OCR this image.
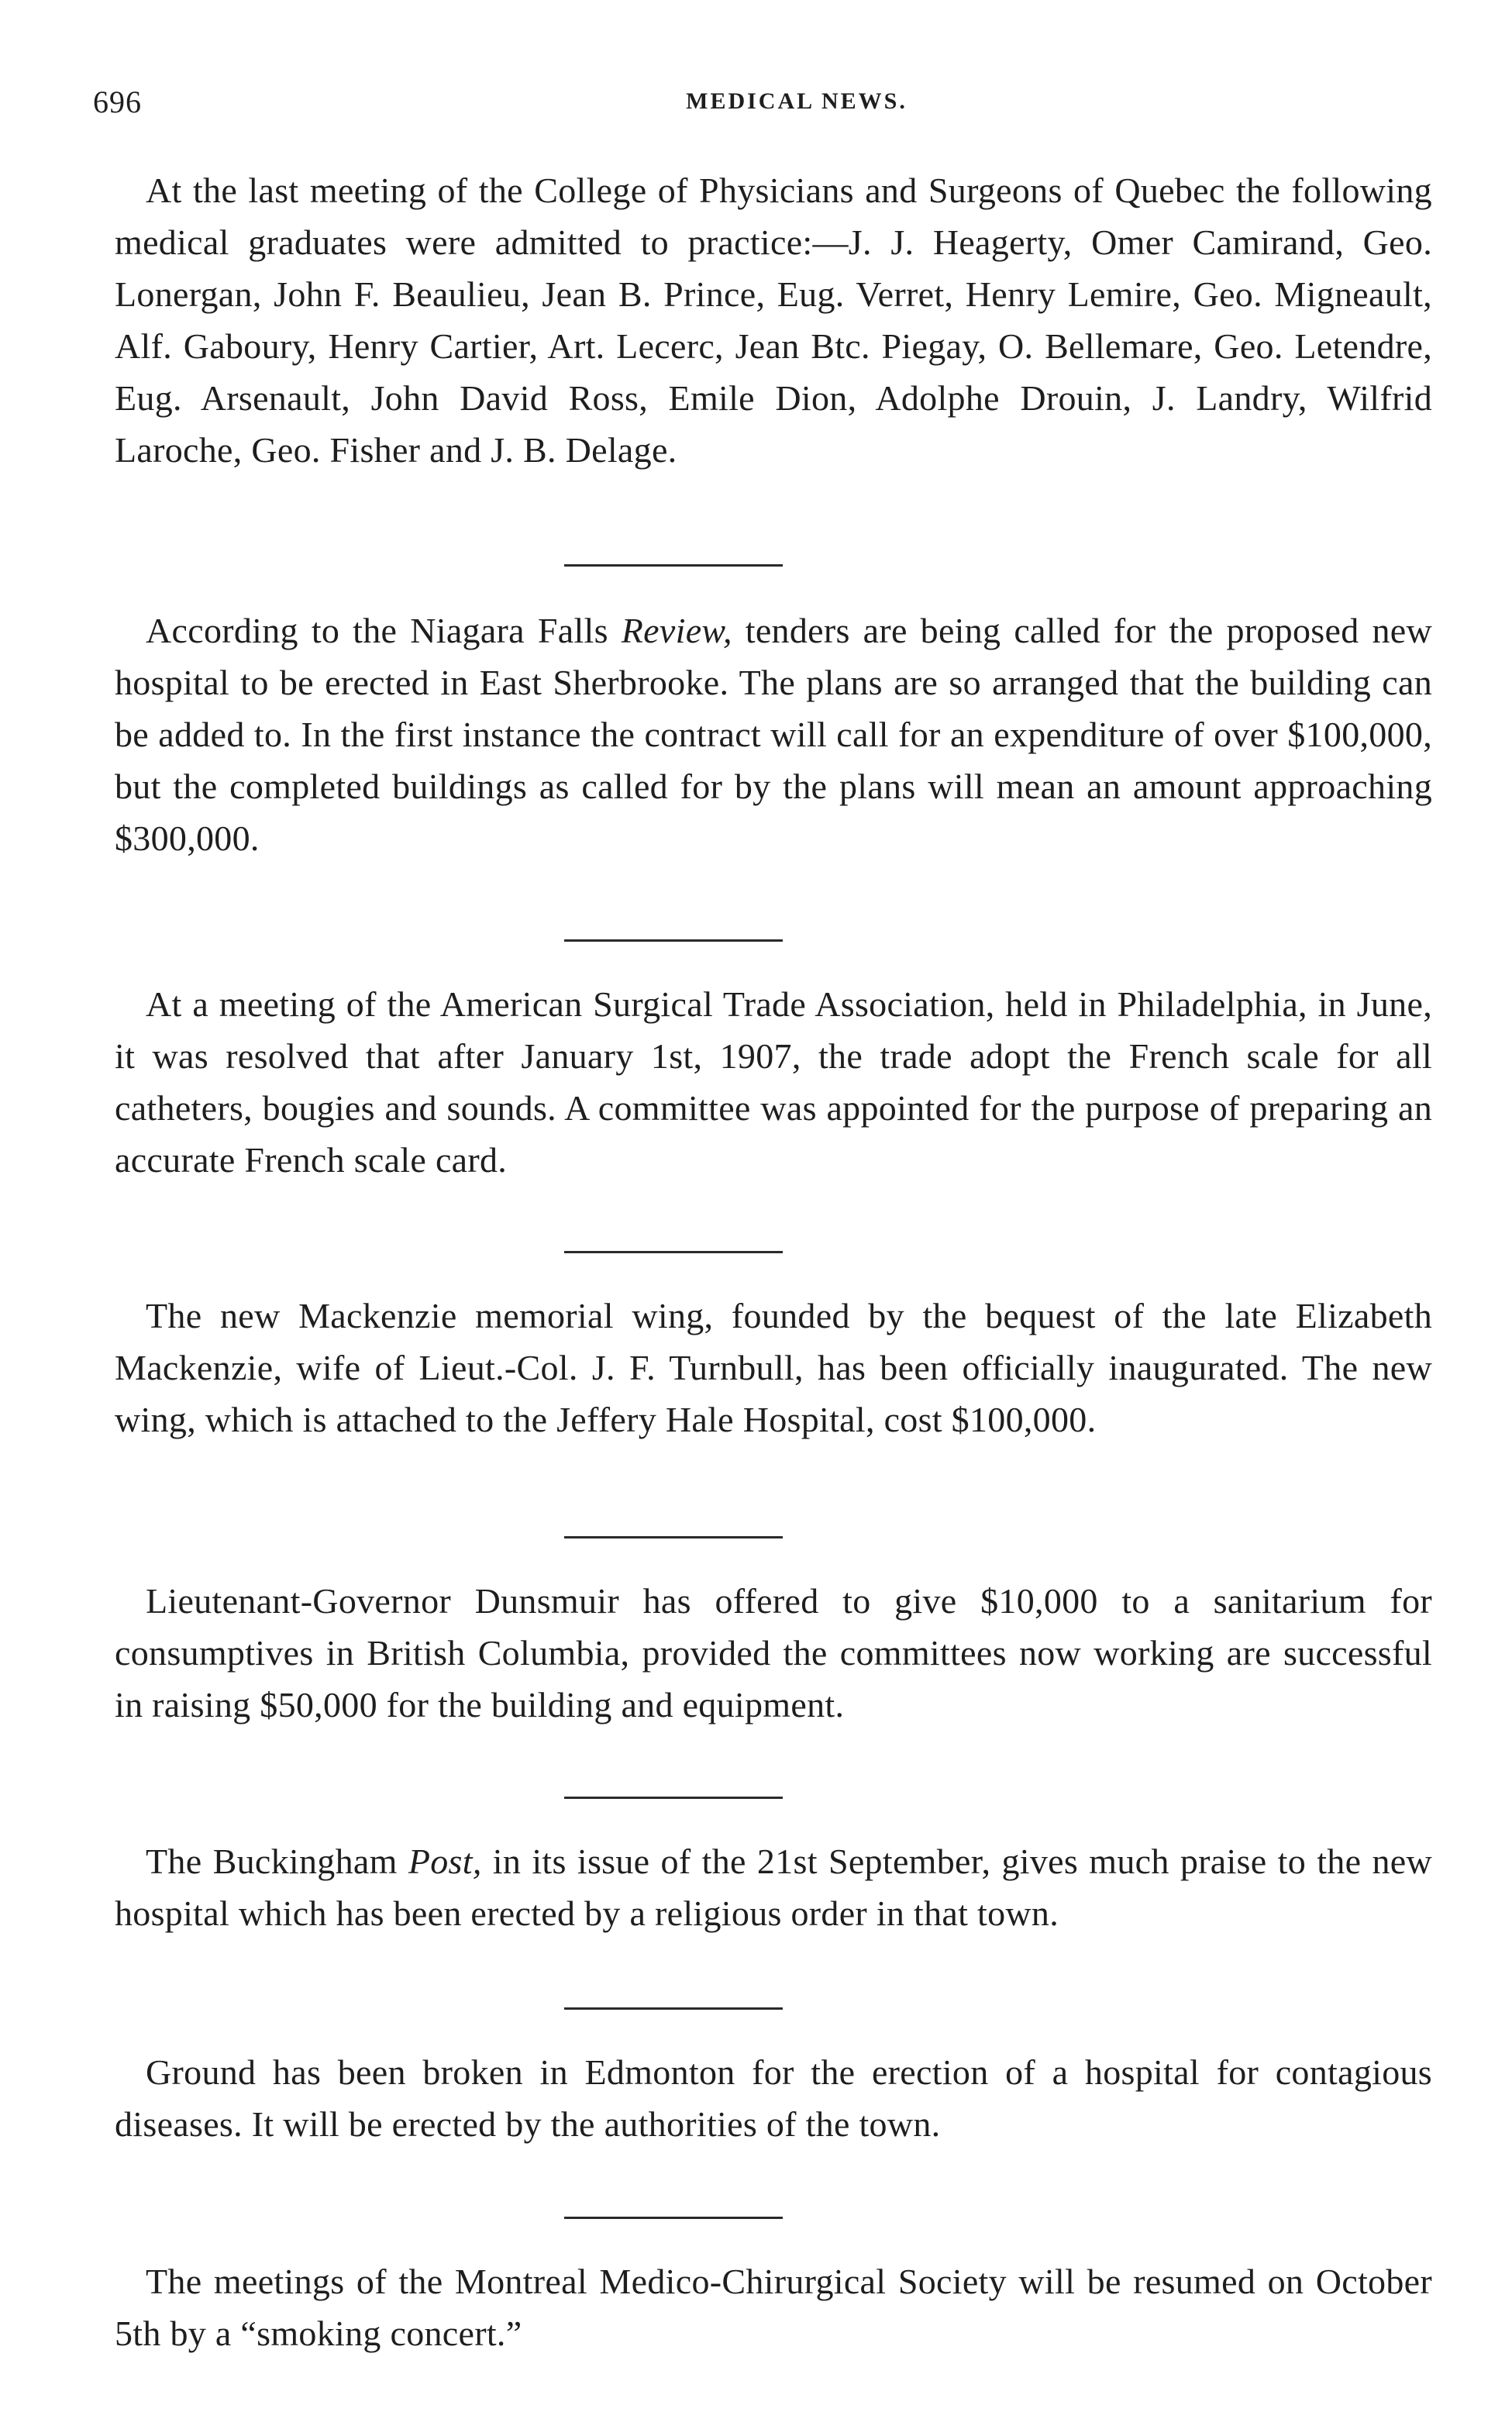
696	MEDICAL NEWS.

At the last meeting of the College of Physicians and Surgeons of Quebec the following medical graduates were admitted to practice:—J. J. Heagerty, Omer Camirand, Geo. Lonergan, John F. Beaulieu, Jean B. Prince, Eug. Verret, Henry Lemire, Geo. Migneault, Alf. Gaboury, Henry Cartier, Art. Lecerc, Jean Btc. Piegay, O. Bellemare, Geo. Letendre, Eug. Arsenault, John David Ross, Emile Dion, Adolphe Drouin, J. Landry, Wilfrid Laroche, Geo. Fisher and J. B. Delage.

According to the Niagara Falls Review, tenders are being called for the proposed new hospital to be erected in East Sherbrooke. The plans are so arranged that the building can be added to. In the first instance the contract will call for an expenditure of over $100,000, but the completed buildings as called for by the plans will mean an amount approaching $300,000.

At a meeting of the American Surgical Trade Association, held in Philadelphia, in June, it was resolved that after January 1st, 1907, the trade adopt the French scale for all catheters, bougies and sounds. A committee was appointed for the purpose of preparing an accurate French scale card.

The new Mackenzie memorial wing, founded by the bequest of the late Elizabeth Mackenzie, wife of Lieut.-Col. J. F. Turnbull, has been officially inaugurated. The new wing, which is attached to the Jeffery Hale Hospital, cost $100,000.

Lieutenant-Governor Dunsmuir has offered to give $10,000 to a sanitarium for consumptives in British Columbia, provided the committees now working are successful in raising $50,000 for the building and equipment.

The Buckingham Post, in its issue of the 21st September, gives much praise to the new hospital which has been erected by a religious order in that town.

Ground has been broken in Edmonton for the erection of a hospital for contagious diseases. It will be erected by the authorities of the town.

The meetings of the Montreal Medico-Chirurgical Society will be resumed on October 5th by a “smoking concert.”
